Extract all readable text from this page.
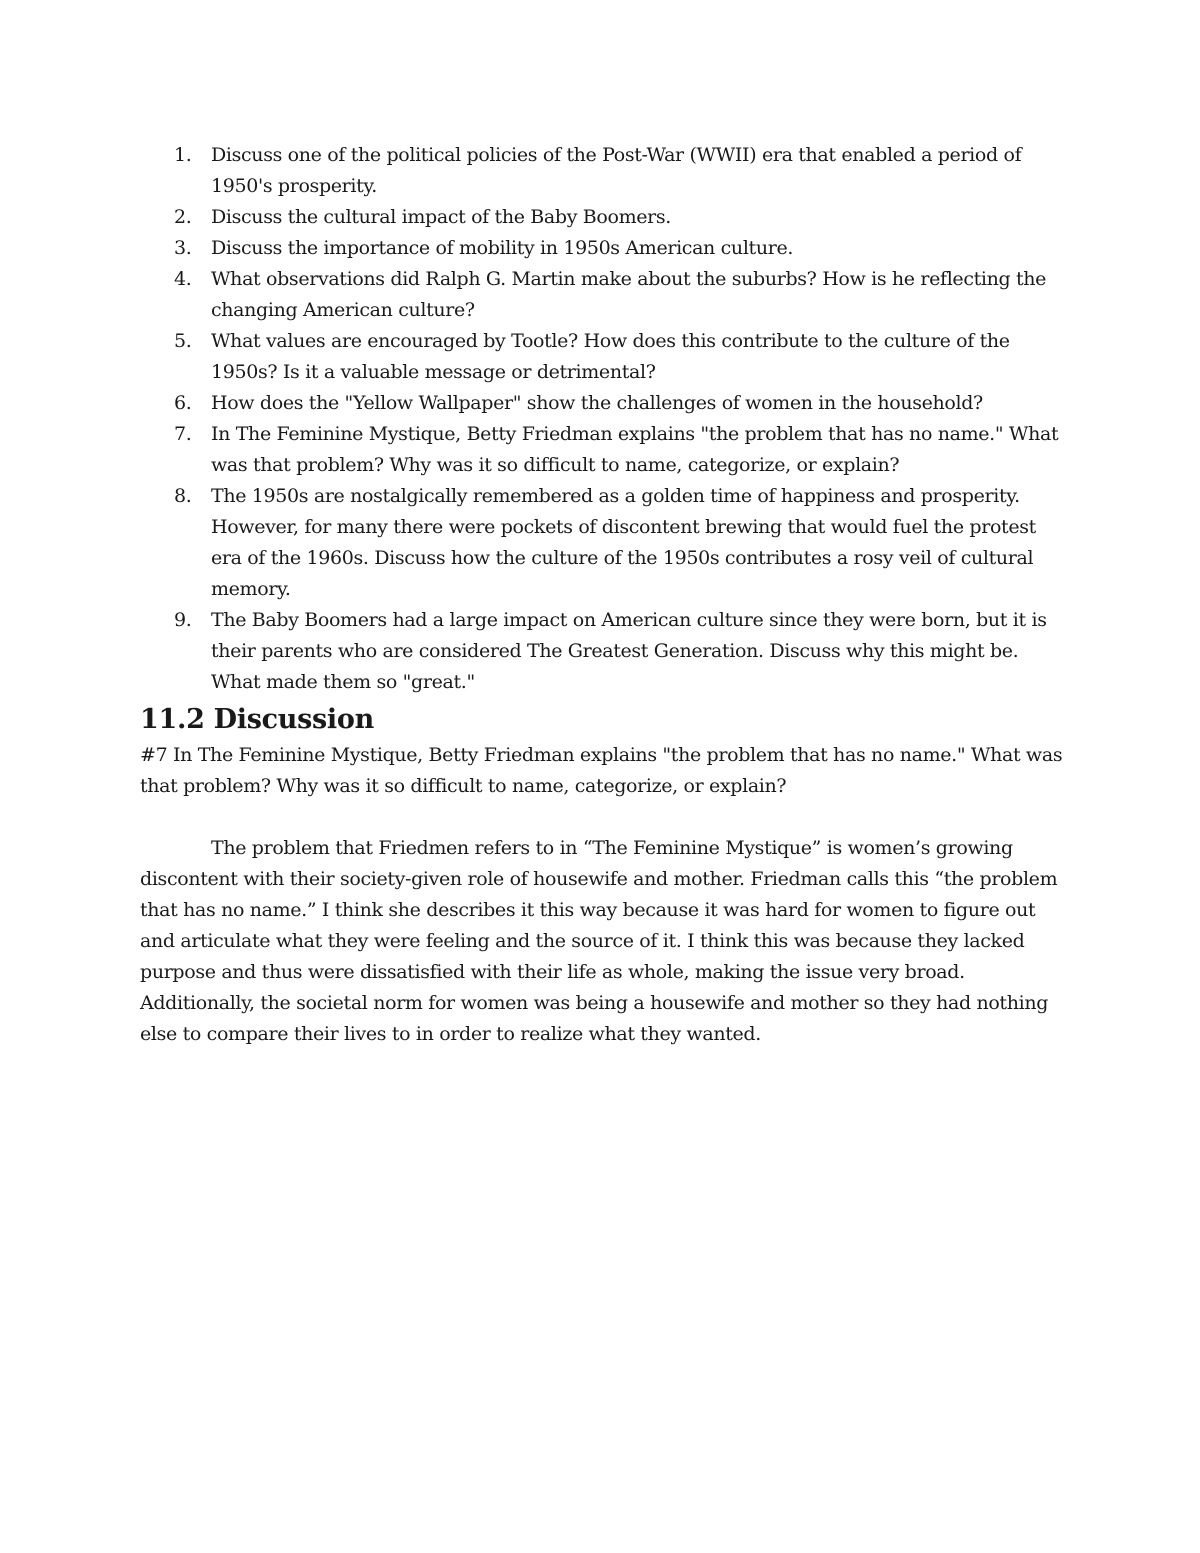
1. Discuss one of the political policies of the Post-War (WWII) era that enabled a period of 1950's prosperity.
2. Discuss the cultural impact of the Baby Boomers.
3. Discuss the importance of mobility in 1950s American culture.
4. What observations did Ralph G. Martin make about the suburbs? How is he reflecting the changing American culture?
5. What values are encouraged by Tootle? How does this contribute to the culture of the 1950s? Is it a valuable message or detrimental?
6. How does the "Yellow Wallpaper" show the challenges of women in the household?
7. In The Feminine Mystique, Betty Friedman explains "the problem that has no name." What was that problem? Why was it so difficult to name, categorize, or explain?
8. The 1950s are nostalgically remembered as a golden time of happiness and prosperity. However, for many there were pockets of discontent brewing that would fuel the protest era of the 1960s. Discuss how the culture of the 1950s contributes a rosy veil of cultural memory.
9. The Baby Boomers had a large impact on American culture since they were born, but it is their parents who are considered The Greatest Generation. Discuss why this might be. What made them so "great."
11.2 Discussion

#7 In The Feminine Mystique, Betty Friedman explains "the problem that has no name." What was that problem? Why was it so difficult to name, categorize, or explain?

The problem that Friedmen refers to in “The Feminine Mystique” is women’s growing discontent with their society-given role of housewife and mother. Friedman calls this “the problem that has no name.” I think she describes it this way because it was hard for women to figure out and articulate what they were feeling and the source of it. I think this was because they lacked purpose and thus were dissatisfied with their life as whole, making the issue very broad. Additionally, the societal norm for women was being a housewife and mother so they had nothing else to compare their lives to in order to realize what they wanted.
